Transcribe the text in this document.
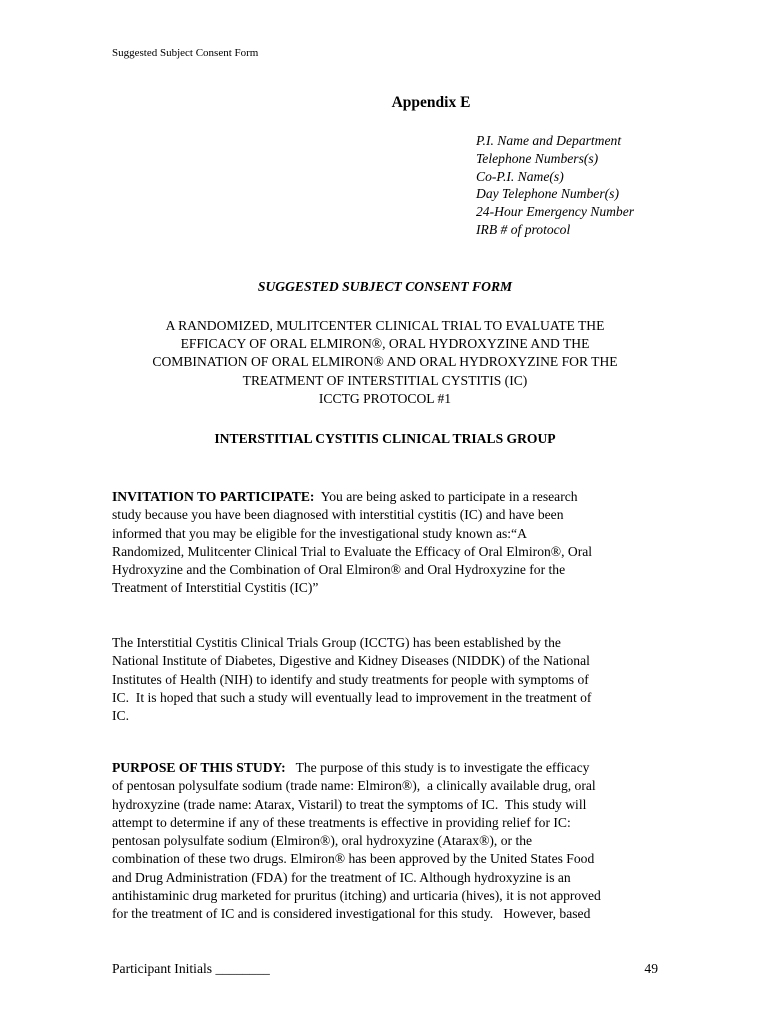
Suggested Subject Consent Form
Appendix E
P.I. Name and Department
Telephone Numbers(s)
Co-P.I. Name(s)
Day Telephone Number(s)
24-Hour Emergency Number
IRB # of protocol
SUGGESTED SUBJECT CONSENT FORM
A RANDOMIZED, MULITCENTER CLINICAL TRIAL TO EVALUATE THE
EFFICACY OF ORAL ELMIRON®, ORAL HYDROXYZINE AND THE
COMBINATION OF ORAL ELMIRON® AND ORAL HYDROXYZINE FOR THE
TREATMENT OF INTERSTITIAL CYSTITIS (IC)
ICCTG PROTOCOL #1
INTERSTITIAL CYSTITIS CLINICAL TRIALS GROUP
INVITATION TO PARTICIPATE:  You are being asked to participate in a research
study because you have been diagnosed with interstitial cystitis (IC) and have been
informed that you may be eligible for the investigational study known as:“A
Randomized, Mulitcenter Clinical Trial to Evaluate the Efficacy of Oral Elmiron®, Oral
Hydroxyzine and the Combination of Oral Elmiron® and Oral Hydroxyzine for the
Treatment of Interstitial Cystitis (IC)”
The Interstitial Cystitis Clinical Trials Group (ICCTG) has been established by the
National Institute of Diabetes, Digestive and Kidney Diseases (NIDDK) of the National
Institutes of Health (NIH) to identify and study treatments for people with symptoms of
IC.  It is hoped that such a study will eventually lead to improvement in the treatment of
IC.
PURPOSE OF THIS STUDY:   The purpose of this study is to investigate the efficacy
of pentosan polysulfate sodium (trade name: Elmiron®),  a clinically available drug, oral
hydroxyzine (trade name: Atarax, Vistaril) to treat the symptoms of IC.  This study will
attempt to determine if any of these treatments is effective in providing relief for IC:
pentosan polysulfate sodium (Elmiron®), oral hydroxyzine (Atarax®), or the
combination of these two drugs. Elmiron® has been approved by the United States Food
and Drug Administration (FDA) for the treatment of IC. Although hydroxyzine is an
antihistaminic drug marketed for pruritus (itching) and urticaria (hives), it is not approved
for the treatment of IC and is considered investigational for this study.   However, based
Participant Initials ________	49
